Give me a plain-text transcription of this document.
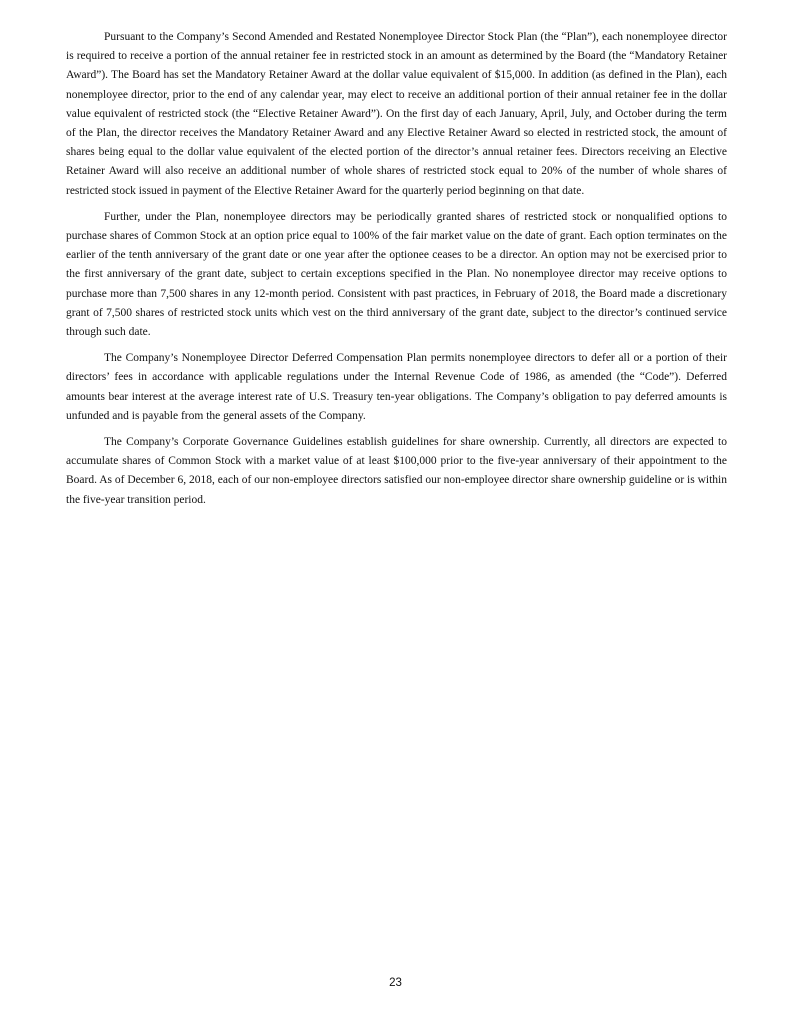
Pursuant to the Company’s Second Amended and Restated Nonemployee Director Stock Plan (the “Plan”), each nonemployee director is required to receive a portion of the annual retainer fee in restricted stock in an amount as determined by the Board (the “Mandatory Retainer Award”). The Board has set the Mandatory Retainer Award at the dollar value equivalent of $15,000. In addition (as defined in the Plan), each nonemployee director, prior to the end of any calendar year, may elect to receive an additional portion of their annual retainer fee in the dollar value equivalent of restricted stock (the “Elective Retainer Award”). On the first day of each January, April, July, and October during the term of the Plan, the director receives the Mandatory Retainer Award and any Elective Retainer Award so elected in restricted stock, the amount of shares being equal to the dollar value equivalent of the elected portion of the director’s annual retainer fees. Directors receiving an Elective Retainer Award will also receive an additional number of whole shares of restricted stock equal to 20% of the number of whole shares of restricted stock issued in payment of the Elective Retainer Award for the quarterly period beginning on that date.

Further, under the Plan, nonemployee directors may be periodically granted shares of restricted stock or nonqualified options to purchase shares of Common Stock at an option price equal to 100% of the fair market value on the date of grant. Each option terminates on the earlier of the tenth anniversary of the grant date or one year after the optionee ceases to be a director. An option may not be exercised prior to the first anniversary of the grant date, subject to certain exceptions specified in the Plan. No nonemployee director may receive options to purchase more than 7,500 shares in any 12-month period. Consistent with past practices, in February of 2018, the Board made a discretionary grant of 7,500 shares of restricted stock units which vest on the third anniversary of the grant date, subject to the director’s continued service through such date.

The Company’s Nonemployee Director Deferred Compensation Plan permits nonemployee directors to defer all or a portion of their directors’ fees in accordance with applicable regulations under the Internal Revenue Code of 1986, as amended (the “Code”). Deferred amounts bear interest at the average interest rate of U.S. Treasury ten-year obligations. The Company’s obligation to pay deferred amounts is unfunded and is payable from the general assets of the Company.

The Company’s Corporate Governance Guidelines establish guidelines for share ownership. Currently, all directors are expected to accumulate shares of Common Stock with a market value of at least $100,000 prior to the five-year anniversary of their appointment to the Board. As of December 6, 2018, each of our non-employee directors satisfied our non-employee director share ownership guideline or is within the five-year transition period.

23
